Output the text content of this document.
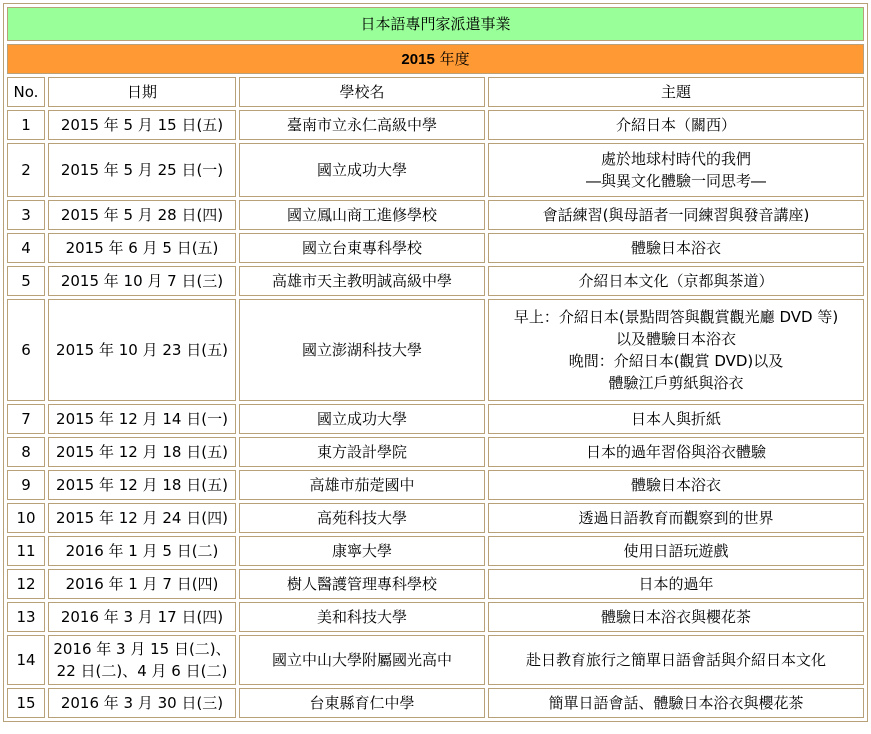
日本語專門家派遣事業			
2015 年度			
No.	日期	學校名	主題
1	2015 年 5 月 15 日(五)	臺南市立永仁高級中學	介紹日本（關西）

2	2015 年 5 月 25 日(一)	國立成功大學	處於地球村時代的我們
―與異文化體驗一同思考―

3	2015 年 5 月 28 日(四)	國立鳳山商工進修學校	會話練習(與母語者一同練習與發音講座)

4	2015 年 6 月 5 日(五)	國立台東專科學校	體驗日本浴衣

5	2015 年 10 月 7 日(三)	高雄市天主教明誠高級中學	介紹日本文化（京都與茶道）

6	2015 年 10 月 23 日(五)	國立澎湖科技大學	早上：介紹日本(景點問答與觀賞觀光廳 DVD 等)
以及體驗日本浴衣
晚間：介紹日本(觀賞 DVD)以及
體驗江戶剪紙與浴衣

7	2015 年 12 月 14 日(一)	國立成功大學	日本人與折紙

8	2015 年 12 月 18 日(五)	東方設計學院	日本的過年習俗與浴衣體驗

9	2015 年 12 月 18 日(五)	高雄市茄萣國中	體驗日本浴衣

10	2015 年 12 月 24 日(四)	高苑科技大學	透過日語教育而觀察到的世界

11	2016 年 1 月 5 日(二)	康寧大學	使用日語玩遊戲

12	2016 年 1 月 7 日(四)	樹人醫護管理專科學校	日本的過年

13	2016 年 3 月 17 日(四)	美和科技大學	體驗日本浴衣與櫻花茶

14	2016 年 3 月 15 日(二)、
22 日(二)、4 月 6 日(二)	國立中山大學附屬國光高中	赴日教育旅行之簡單日語會話與介紹日本文化

15	2016 年 3 月 30 日(三)	台東縣育仁中學	簡單日語會話、體驗日本浴衣與櫻花茶
